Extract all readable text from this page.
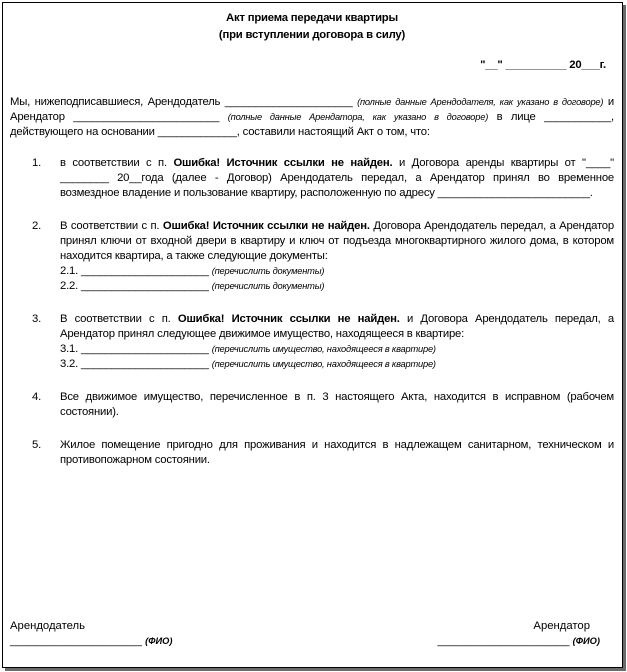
Акт приема передачи квартиры
(при вступлении договора в силу)
"__" __________ 20___г.
Мы, нижеподписавшиеся, Арендодатель _____________________ (полные данные Арендодателя, как указано в договоре) и Арендатор ________________________ (полные данные Арендатора, как указано в договоре) в лице ___________, действующего на основании _____________, составили настоящий Акт о том, что:
1. в соответствии с п. Ошибка! Источник ссылки не найден. и Договора аренды квартиры от "____" ________ 20__года (далее - Договор) Арендодатель передал, а Арендатор принял во временное возмездное владение и пользование квартиру, расположенную по адресу _________________________.
2. В соответствии с п. Ошибка! Источник ссылки не найден. Договора Арендодатель передал, а Арендатор принял ключи от входной двери в квартиру и ключ от подъезда многоквартирного жилого дома, в котором находится квартира, а также следующие документы:
2.1. _____________________ (перечислить документы)
2.2. _____________________ (перечислить документы)
3. В соответствии с п. Ошибка! Источник ссылки не найден. и Договора Арендодатель передал, а Арендатор принял следующее движимое имущество, находящееся в квартире:
3.1. _____________________ (перечислить имущество, находящееся в квартире)
3.2. _____________________ (перечислить имущество, находящееся в квартире)
4. Все движимое имущество, перечисленное в п. 3 настоящего Акта, находится в исправном (рабочем состоянии).
5. Жилое помещение пригодно для проживания и находится в надлежащем санитарном, техническом и противопожарном состоянии.
Арендодатель
_____________________ (ФИО)
Арендатор
_____________________ (ФИО)
